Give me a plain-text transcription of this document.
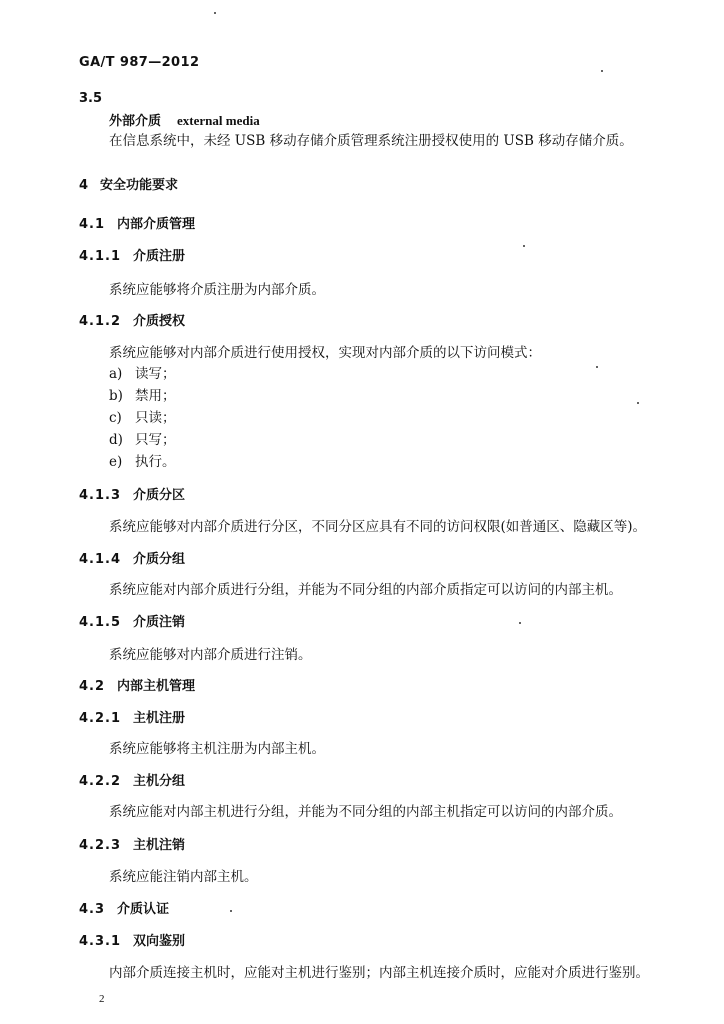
GA/T 987—2012
3.5
外部介质 external media
在信息系统中，未经 USB 移动存储介质管理系统注册授权使用的 USB 移动存储介质。
4 安全功能要求
4.1 内部介质管理
4.1.1 介质注册
系统应能够将介质注册为内部介质。
4.1.2 介质授权
系统应能够对内部介质进行使用授权，实现对内部介质的以下访问模式：
a) 读写；
b) 禁用；
c) 只读；
d) 只写；
e) 执行。
4.1.3 介质分区
系统应能够对内部介质进行分区，不同分区应具有不同的访问权限(如普通区、隐藏区等)。
4.1.4 介质分组
系统应能对内部介质进行分组，并能为不同分组的内部介质指定可以访问的内部主机。
4.1.5 介质注销
系统应能够对内部介质进行注销。
4.2 内部主机管理
4.2.1 主机注册
系统应能够将主机注册为内部主机。
4.2.2 主机分组
系统应能对内部主机进行分组，并能为不同分组的内部主机指定可以访问的内部介质。
4.2.3 主机注销
系统应能注销内部主机。
4.3 介质认证
4.3.1 双向鉴别
内部介质连接主机时，应能对主机进行鉴别；内部主机连接介质时，应能对介质进行鉴别。
2
